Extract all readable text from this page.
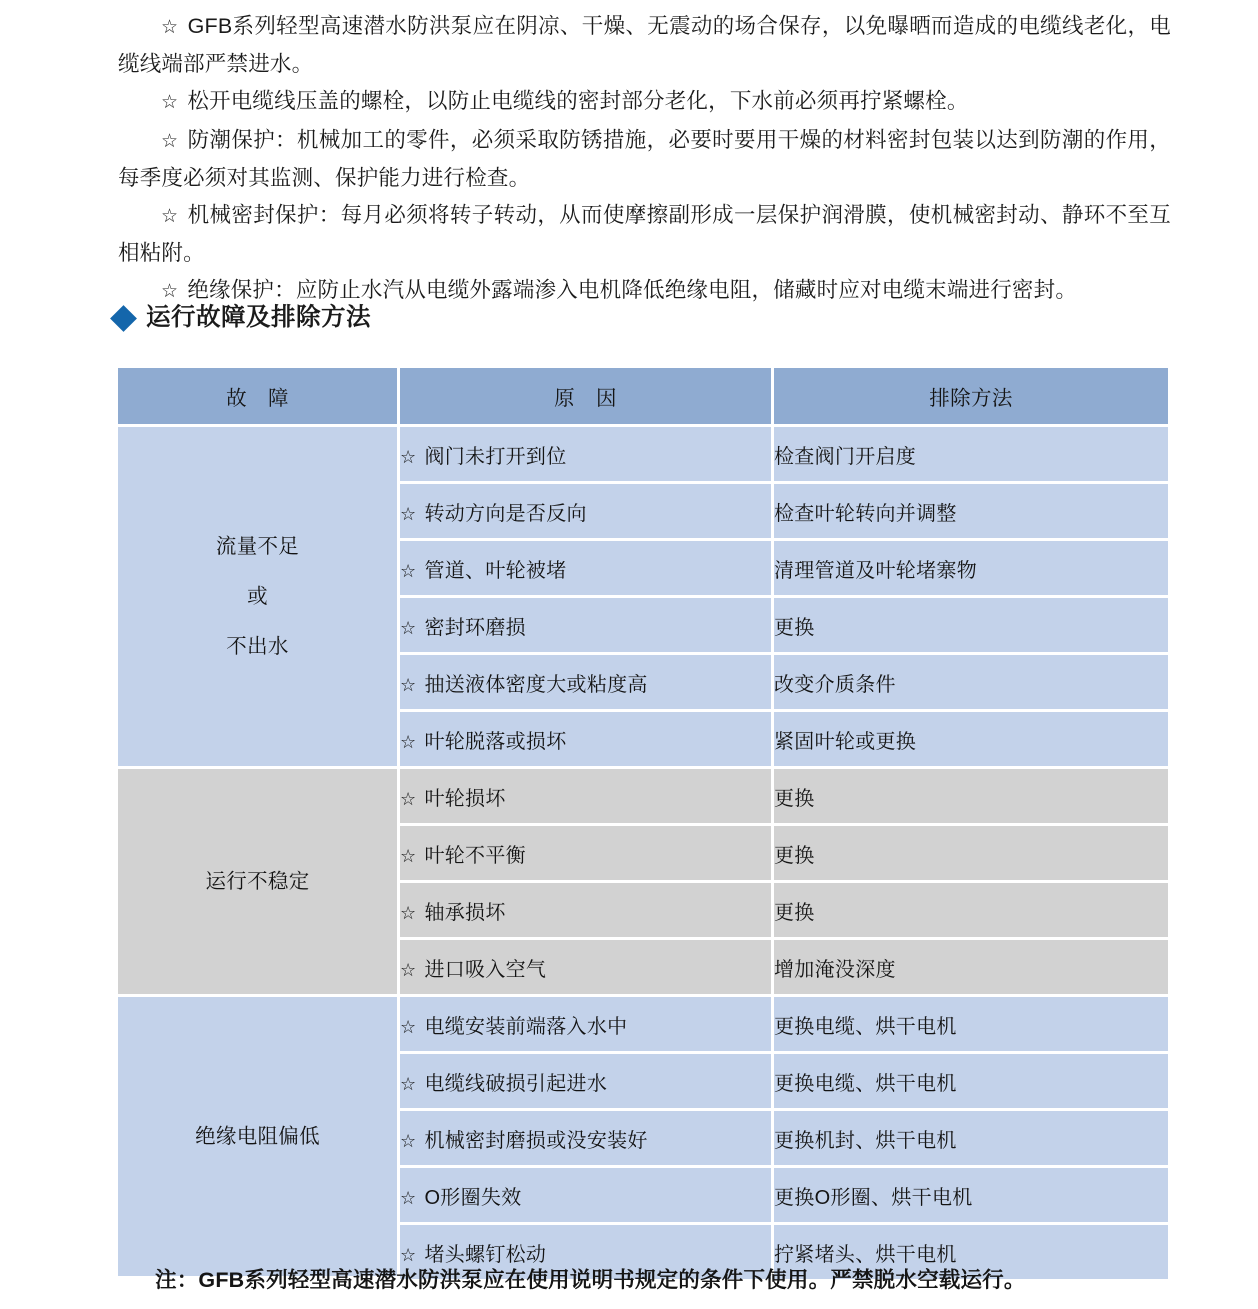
☆ GFB系列轻型高速潜水防洪泵应在阴凉、干燥、无震动的场合保存，以免曝晒而造成的电缆线老化，电缆线端部严禁进水。

☆ 松开电缆线压盖的螺栓，以防止电缆线的密封部分老化，下水前必须再拧紧螺栓。

☆ 防潮保护：机械加工的零件，必须采取防锈措施，必要时要用干燥的材料密封包装以达到防潮的作用，每季度必须对其监测、保护能力进行检查。

☆ 机械密封保护：每月必须将转子转动，从而使摩擦副形成一层保护润滑膜，使机械密封动、静环不至互相粘附。

☆ 绝缘保护：应防止水汽从电缆外露端渗入电机降低绝缘电阻，储藏时应对电缆末端进行密封。

运行故障及排除方法
故　障	原　因	排除方法
流量不足
或
不出水	☆ 阀门未打开到位	检查阀门开启度
	☆ 转动方向是否反向	检查叶轮转向并调整
	☆ 管道、叶轮被堵	清理管道及叶轮堵寨物
	☆ 密封环磨损	更换
	☆ 抽送液体密度大或粘度高	改变介质条件
	☆ 叶轮脱落或损坏	紧固叶轮或更换
运行不稳定	☆ 叶轮损坏	更换
	☆ 叶轮不平衡	更换
	☆ 轴承损坏	更换
	☆ 进口吸入空气	增加淹没深度
绝缘电阻偏低	☆ 电缆安装前端落入水中	更换电缆、烘干电机
	☆ 电缆线破损引起进水	更换电缆、烘干电机
	☆ 机械密封磨损或没安装好	更换机封、烘干电机
	☆ O形圈失效	更换O形圈、烘干电机
	☆ 堵头螺钉松动	拧紧堵头、烘干电机
注：GFB系列轻型高速潜水防洪泵应在使用说明书规定的条件下使用。严禁脱水空载运行。
